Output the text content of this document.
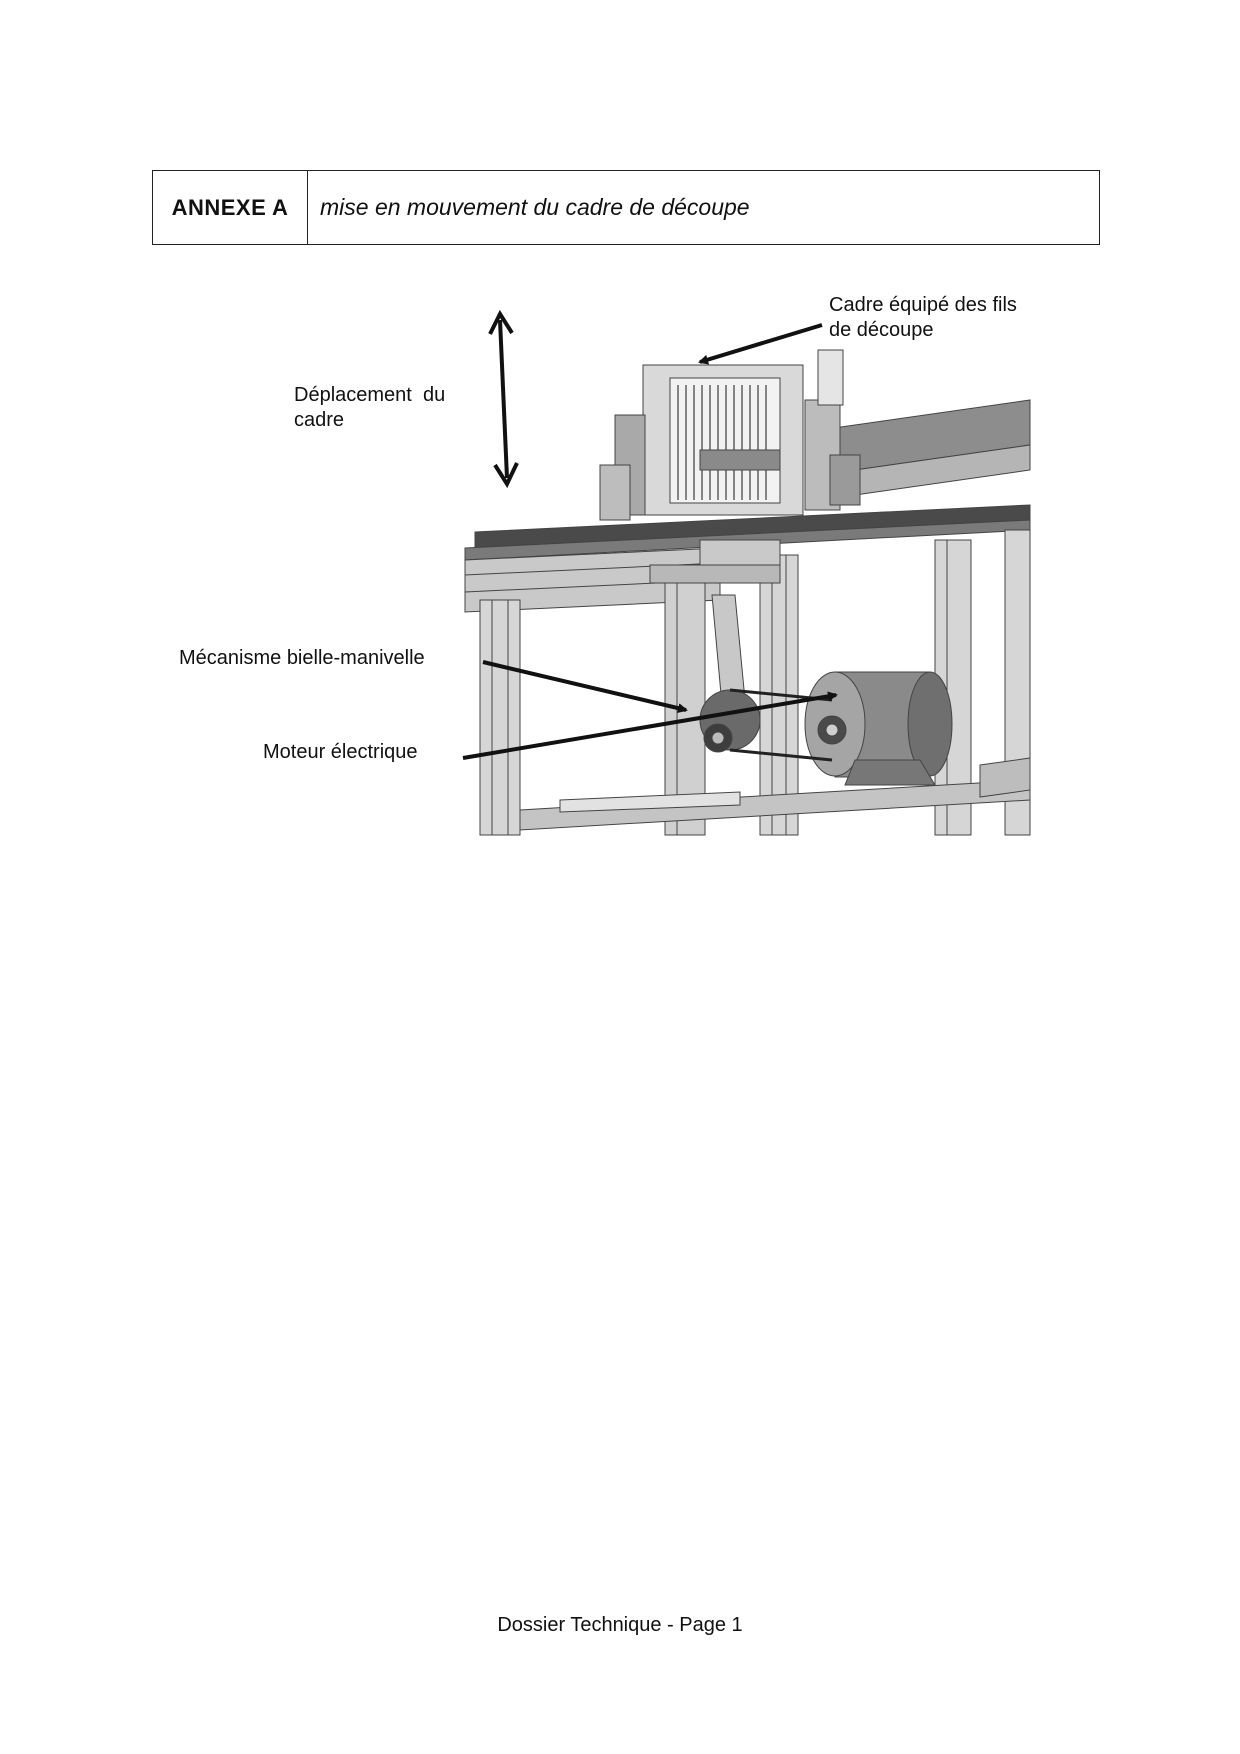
ANNEXE A	mise en mouvement du cadre de découpe
Cadre équipé des fils
de découpe
Déplacement  du
cadre
Mécanisme bielle-manivelle
Moteur électrique
Dossier Technique - Page 1
